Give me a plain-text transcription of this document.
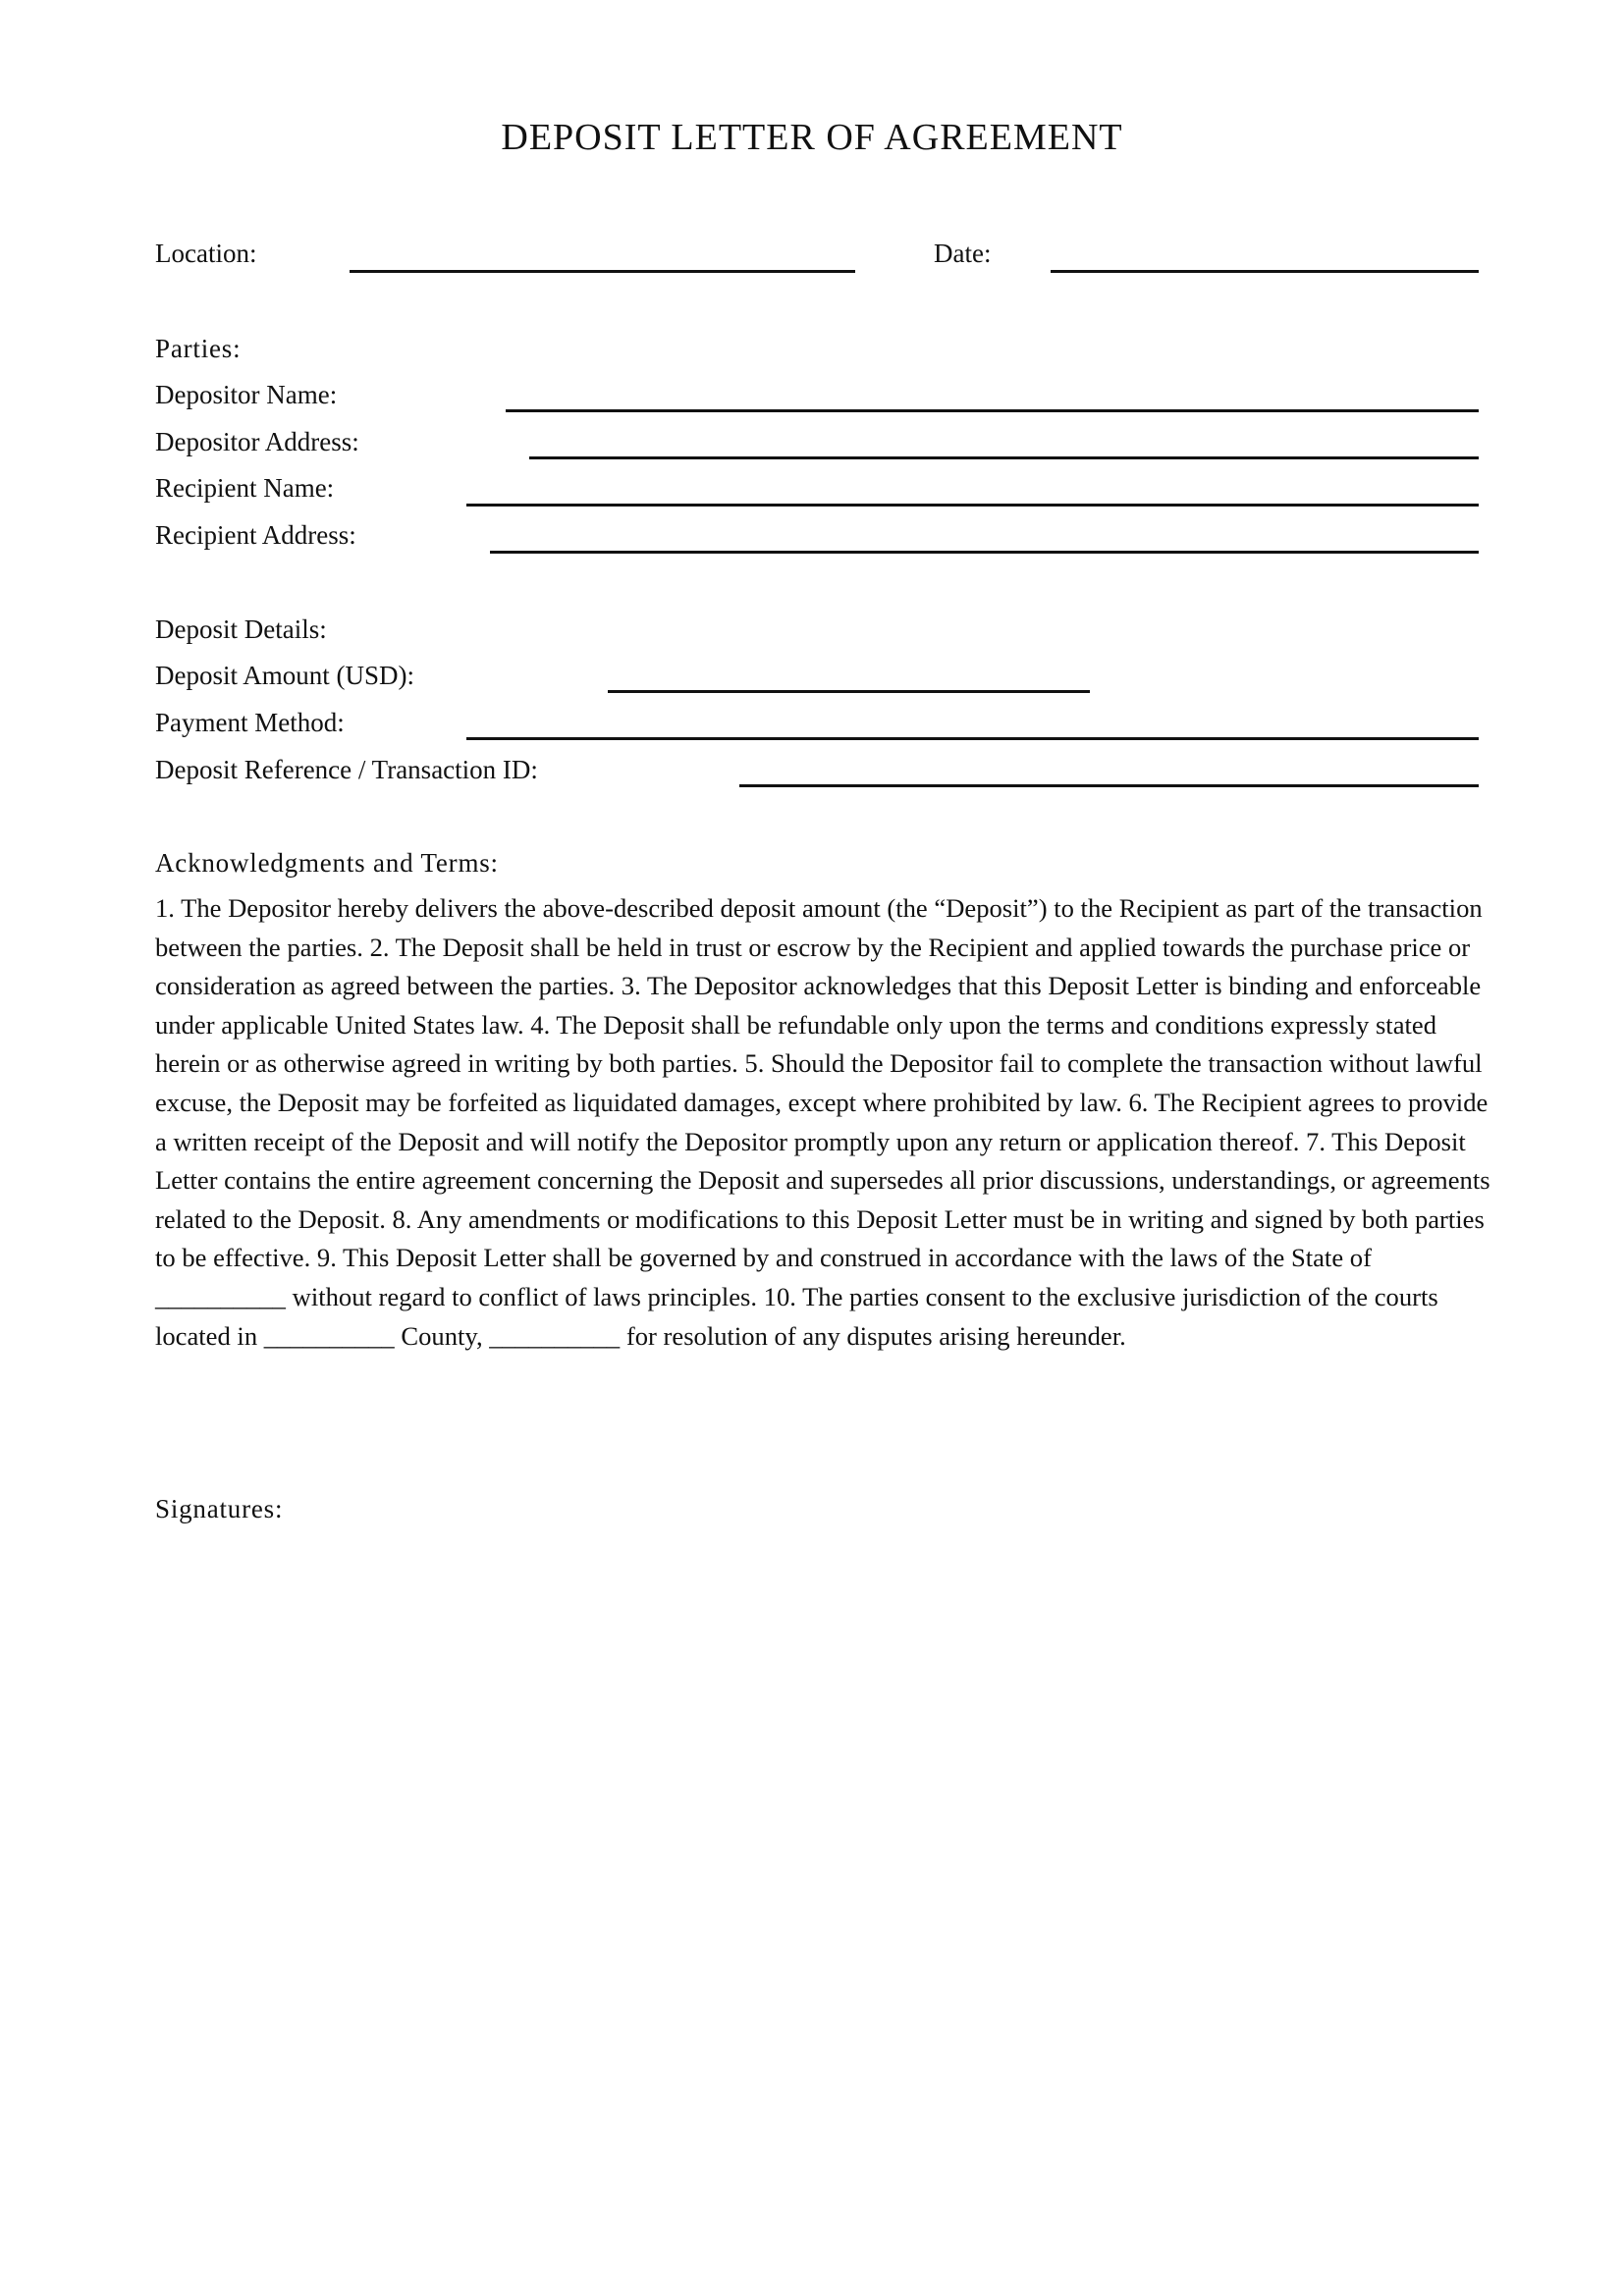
DEPOSIT LETTER OF AGREEMENT
Location:	Date:
Parties:
Depositor Name:
Depositor Address:
Recipient Name:
Recipient Address:
Deposit Details:
Deposit Amount (USD):
Payment Method:
Deposit Reference / Transaction ID:
Acknowledgments and Terms:
1. The Depositor hereby delivers the above-described deposit amount (the “Deposit”) to the Recipient as part of the transaction between the parties. 2. The Deposit shall be held in trust or escrow by the Recipient and applied towards the purchase price or consideration as agreed between the parties. 3. The Depositor acknowledges that this Deposit Letter is binding and enforceable under applicable United States law. 4. The Deposit shall be refundable only upon the terms and conditions expressly stated herein or as otherwise agreed in writing by both parties. 5. Should the Depositor fail to complete the transaction without lawful excuse, the Deposit may be forfeited as liquidated damages, except where prohibited by law. 6. The Recipient agrees to provide a written receipt of the Deposit and will notify the Depositor promptly upon any return or application thereof. 7. This Deposit Letter contains the entire agreement concerning the Deposit and supersedes all prior discussions, understandings, or agreements related to the Deposit. 8. Any amendments or modifications to this Deposit Letter must be in writing and signed by both parties to be effective. 9. This Deposit Letter shall be governed by and construed in accordance with the laws of the State of __________ without regard to conflict of laws principles. 10. The parties consent to the exclusive jurisdiction of the courts located in __________ County, __________ for resolution of any disputes arising hereunder.
Signatures:
